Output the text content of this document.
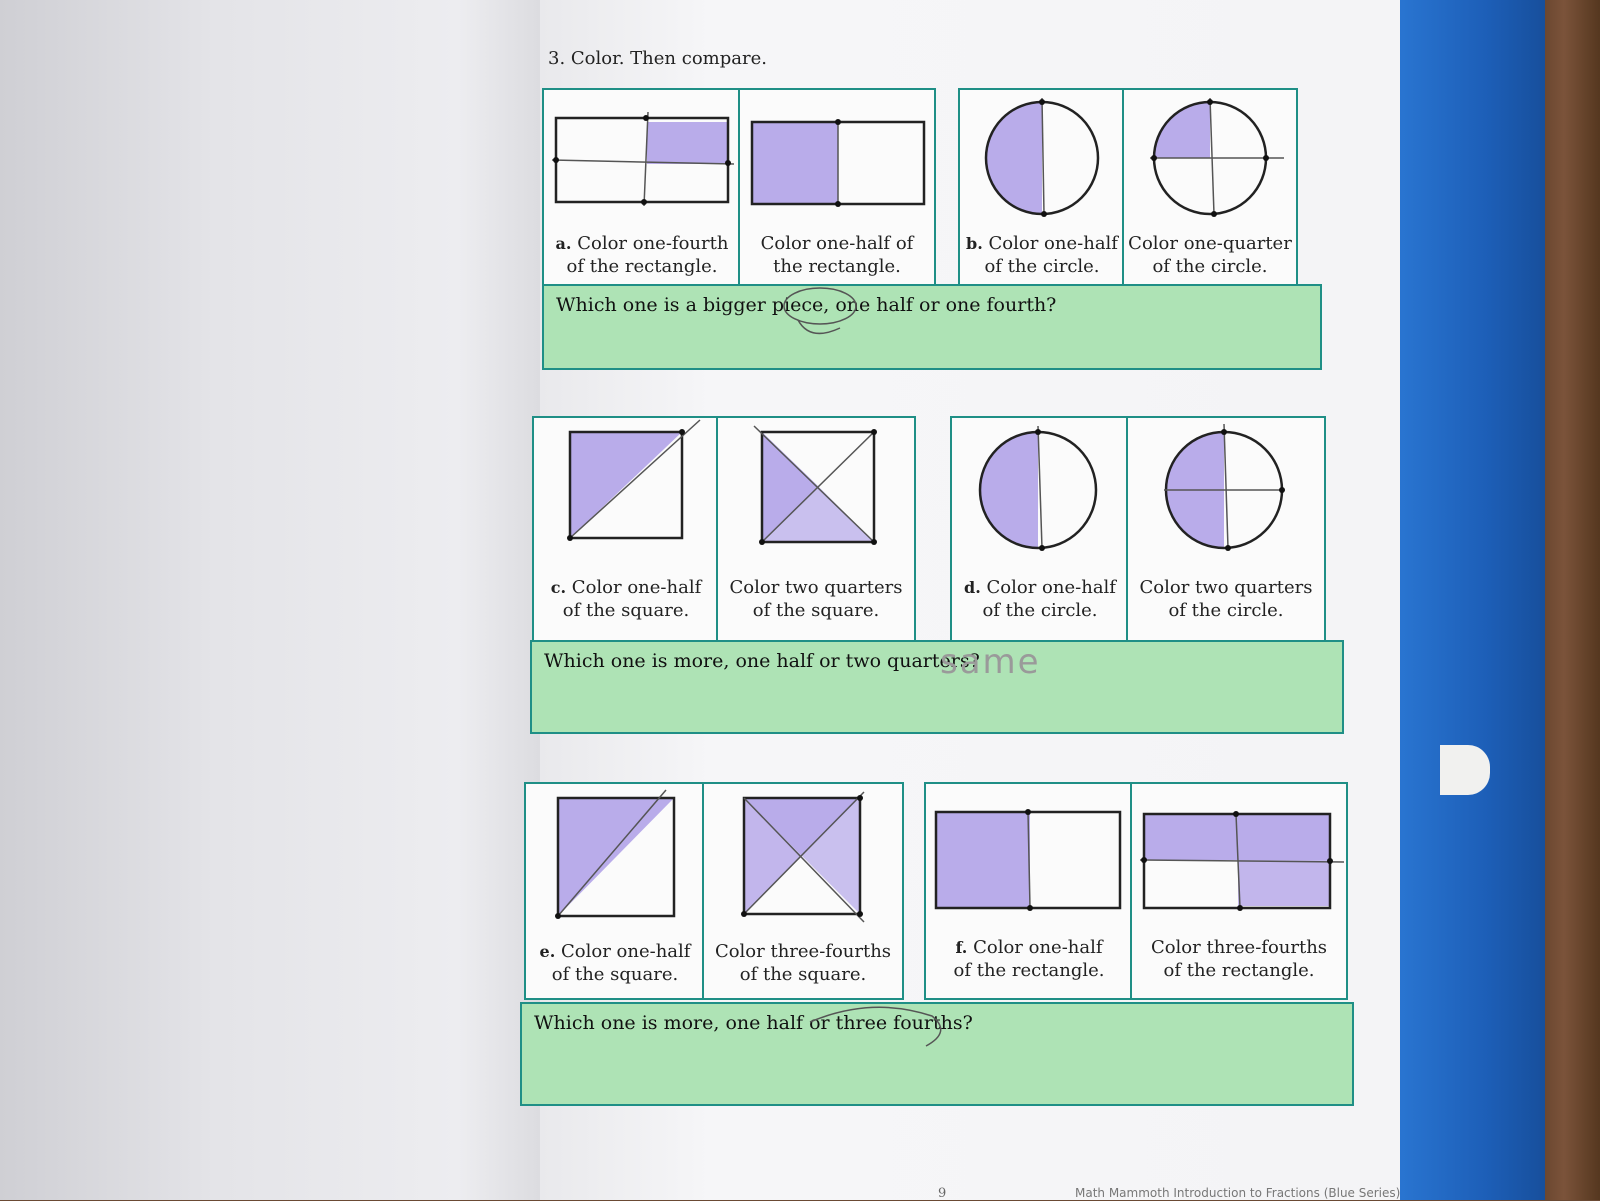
3. Color. Then compare.
a. Color one-fourth
of the rectangle.
Color one-half of
the rectangle.
b. Color one-half
of the circle.
Color one-quarter
of the circle.
Which one is a bigger piece, one half or one fourth?
c. Color one-half
of the square.
Color two quarters
of the square.
d. Color one-half
of the circle.
Color two quarters
of the circle.
Which one is more, one half or two quarters?
same
e. Color one-half
of the square.
Color three-fourths
of the square.
f. Color one-half
of the rectangle.
Color three-fourths
of the rectangle.
Which one is more, one half or three fourths?
9	Math Mammoth Introduction to Fractions (Blue Series)
